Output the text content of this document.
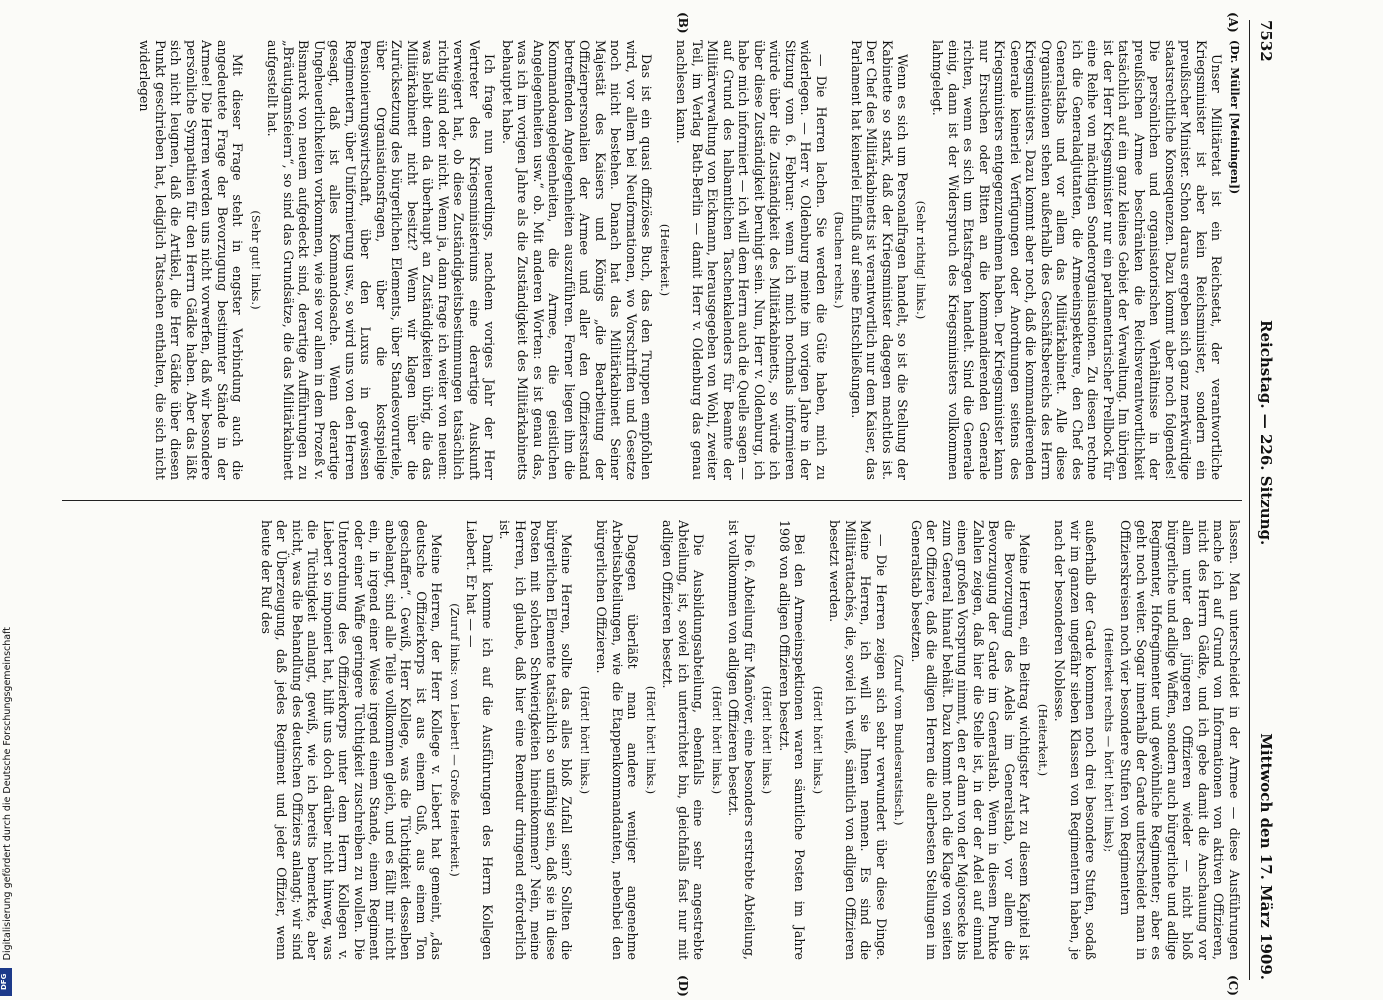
7532
Reichstag. — 226. Sitzung.
Mittwoch den 17. März 1909.
(A)
(B)
(C)
(D)

(Dr. Müller [Meiningen])

Unser Militäretat ist ein Reichsetat, der verantwortliche Kriegsminister ist aber kein Reichsminister, sondern ein preußischer Minister. Schon daraus ergeben sich ganz merkwürdige staatsrechtliche Konsequenzen. Dazu kommt aber noch folgendes! Die persönlichen und organisatorischen Verhältnisse in der preußischen Armee beschränken die Reichsverantwortlichkeit tatsächlich auf ein ganz kleines Gebiet der Verwaltung. Im übrigen ist der Herr Kriegsminister nur ein parlamentarischer Prellbock für eine Reihe von mächtigen Sonderorganisationen. Zu diesen rechne ich die Generaladjutanten, die Armeeinspekteure, den Chef des Generalstabs und vor allem das Militärkabinett. Alle diese Organisationen stehen außerhalb des Geschäftsbereichs des Herrn Kriegsministers. Dazu kommt aber noch, daß die kommandierenden Generale keinerlei Verfügungen oder Anordnungen seitens des Kriegsministers entgegenzunehmen haben. Der Kriegsminister kann nur Ersuchen oder Bitten an die kommandierenden Generale richten, wenn es sich um Etatsfragen handelt. Sind die Generale einig, dann ist der Widerspruch des Kriegsministers vollkommen lahmgelegt.

(Sehr richtig! links.)

Wenn es sich um Personalfragen handelt, so ist die Stellung der Kabinette so stark, daß der Kriegsminister dagegen machtlos ist. Der Chef des Militärkabinetts ist verantwortlich nur dem Kaiser, das Parlament hat keinerlei Einfluß auf seine Entschließungen.

(Buchen rechts.)

— Die Herren lachen. Sie werden die Güte haben, mich zu widerlegen. — Herr v. Oldenburg meinte im vorigen Jahre in der Sitzung vom 6. Februar: wenn ich mich nochmals informieren würde über die Zuständigkeit des Militärkabinetts, so würde ich über diese Zuständigkeit beruhigt sein. Nun, Herr v. Oldenburg, ich habe mich informiert — ich will dem Herrn auch die Quelle sagen — auf Grund des halbamtlichen Taschenkalenders für Beamte der Militärverwaltung von Eickmann, herausgegeben von Wohl, zweiter Teil, im Verlag Bath-Berlin — damit Herr v. Oldenburg das genau nachlesen kann.

(Heiterkeit.)

Das ist ein quasi offiziöses Buch, das den Truppen empfohlen wird, vor allem bei Neuformationen, wo Vorschriften und Gesetze noch nicht bestehen. Danach hat das Militärkabinett Seiner Majestät des Kaisers und Königs „die Bearbeitung der Offizierpersonalien der Armee und aller den Offiziersstand betreffenden Angelegenheiten auszuführen. Ferner liegen ihm die Kommandoangelegenheiten, die Armee, die geistlichen Angelegenheiten usw.“ ob. Mit anderen Worten: es ist genau das, was ich im vorigen Jahre als die Zuständigkeit des Militärkabinetts behauptet habe.

Ich frage nun neuerdings, nachdem voriges Jahr der Herr Vertreter des Kriegsministeriums eine derartige Auskunft verweigert hat, ob diese Zuständigkeitsbestimmungen tatsächlich richtig sind oder nicht. Wenn ja, dann frage ich weiter von neuem: was bleibt denn da überhaupt an Zuständigkeiten übrig, die das Militärkabinett nicht besitzt? Wenn wir klagen über die Zurücksetzung des bürgerlichen Elements, über Standesvorurteile, über Organisationsfragen, über die kostspielige Pensionierungswirtschaft, über den Luxus in gewissen Regimentern, über Uniformierung usw., so wird uns von den Herren gesagt, daß ist alles Kommandosache. Wenn derartige Ungeheuerlichkeiten vorkommen, wie sie vor allem in dem Prozeß v. Bismarck von neuem aufgedeckt sind, derartige Aufführungen zu „Bräutigamsfeiern“, so sind das Grundsätze, die das Militärkabinett aufgestellt hat.

(Sehr gut! links.)

Mit dieser Frage steht in engster Verbindung auch die angedeutete Frage der Bevorzugung bestimmter Stände in der Armee! Die Herren werden uns nicht vorwerfen, daß wir besondere persönliche Sympathien für den Herrn Gädke haben. Aber das läßt sich nicht leugnen, daß die Artikel, die Herr Gädke über diesen Punkt geschrieben hat, lediglich Tatsachen enthalten, die sich nicht widerlegen

lassen. Man unterscheidet in der Armee — diese Ausführungen mache ich auf Grund von Informationen von aktiven Offizieren, nicht des Herrn Gädke, und ich gebe damit die Anschauung vor allem unter den jüngeren Offizieren wieder — nicht bloß bürgerliche und adlige Waffen, sondern auch bürgerliche und adlige Regimenter, Hofregimenter und gewöhnliche Regimenter; aber es geht noch weiter. Sogar innerhalb der Garde unterscheidet man in Offizierskreisen noch vier besondere Stufen von Regimentern

(Heiterkeit rechts — hört! hört! links);

außerhalb der Garde kommen noch drei besondere Stufen, sodaß wir im ganzen ungefähr sieben Klassen von Regimentern haben, je nach der besonderen Noblesse.

(Heiterkeit.)

Meine Herren, ein Beitrag wichtigster Art zu diesem Kapitel ist die Bevorzugung des Adels im Generalstab, vor allem die Bevorzugung der Garde im Generalstab. Wenn in diesem Punkte Zahlen zeigen, daß hier die Stelle ist, in der der Adel auf einmal einen großen Vorsprung nimmt, den er dann von der Majorsecke bis zum General hinauf behält. Dazu kommt noch die Klage von seiten der Offiziere, daß die adligen Herren die allerbesten Stellungen im Generalstab besetzen.

(Zuruf vom Bundesratstisch.)

— Die Herren zeigen sich sehr verwundert über diese Dinge. Meine Herren, ich will sie Ihnen nennen. Es sind die Militärattachés, die, soviel ich weiß, sämtlich von adligen Offizieren besetzt werden.

(Hört! hört! links.)

Bei den Armeeinspektionen waren sämtliche Posten im Jahre 1908 von adligen Offizieren besetzt.

(Hört! hört! links.)

Die 6. Abteilung für Manöver, eine besonders erstrebte Abteilung, ist vollkommen von adligen Offizieren besetzt.

(Hört! hört! links.)

Die Ausbildungsabteilung, ebenfalls eine sehr angestrebte Abteilung, ist, soviel ich unterrichtet bin, gleichfalls fast nur mit adligen Offizieren besetzt.

(Hört! hört! links.)

Dagegen überläßt man andere weniger angenehme Arbeitsabteilungen, wie die Etappenkommandanten, nebenbei den bürgerlichen Offizieren.

(Hört! hört! links.)

Meine Herren, sollte das alles bloß Zufall sein? Sollten die bürgerlichen Elemente tatsächlich so unfähig sein, daß sie in diese Posten mit solchen Schwierigkeiten hineinkommen? Nein, meine Herren, ich glaube, daß hier eine Remedur dringend erforderlich ist.

Damit komme ich auf die Ausführungen des Herrn Kollegen Liebert. Er hat — —

(Zuruf links: von Liebert! — Große Heiterkeit.)

Meine Herren, der Herr Kollege v. Liebert hat gemeint, „das deutsche Offizierkorps ist aus einem Guß, aus einem Ton geschaffen“. Gewiß, Herr Kollege, was die Tüchtigkeit desselben anbelangt, sind alle Teile vollkommen gleich, und es fällt mir nicht ein, in irgend einer Weise irgend einem Stande, einem Regiment oder einer Waffe geringere Tüchtigkeit zuschreiben zu wollen. Die Unterordnung des Offizierkorps unter dem Herrn Kollegen v. Liebert so imponiert hat, hilft uns doch darüber nicht hinweg, was die Tüchtigkeit anlangt, gewiß, wie ich bereits bemerkte, aber nicht, was die Behandlung des deutschen Offiziers anlangt; wir sind der Überzeugung, daß jedes Regiment und jeder Offizier, wenn heute der Ruf des

Digitalisierung gefördert durch die Deutsche Forschungsgemeinschaft
DFG
